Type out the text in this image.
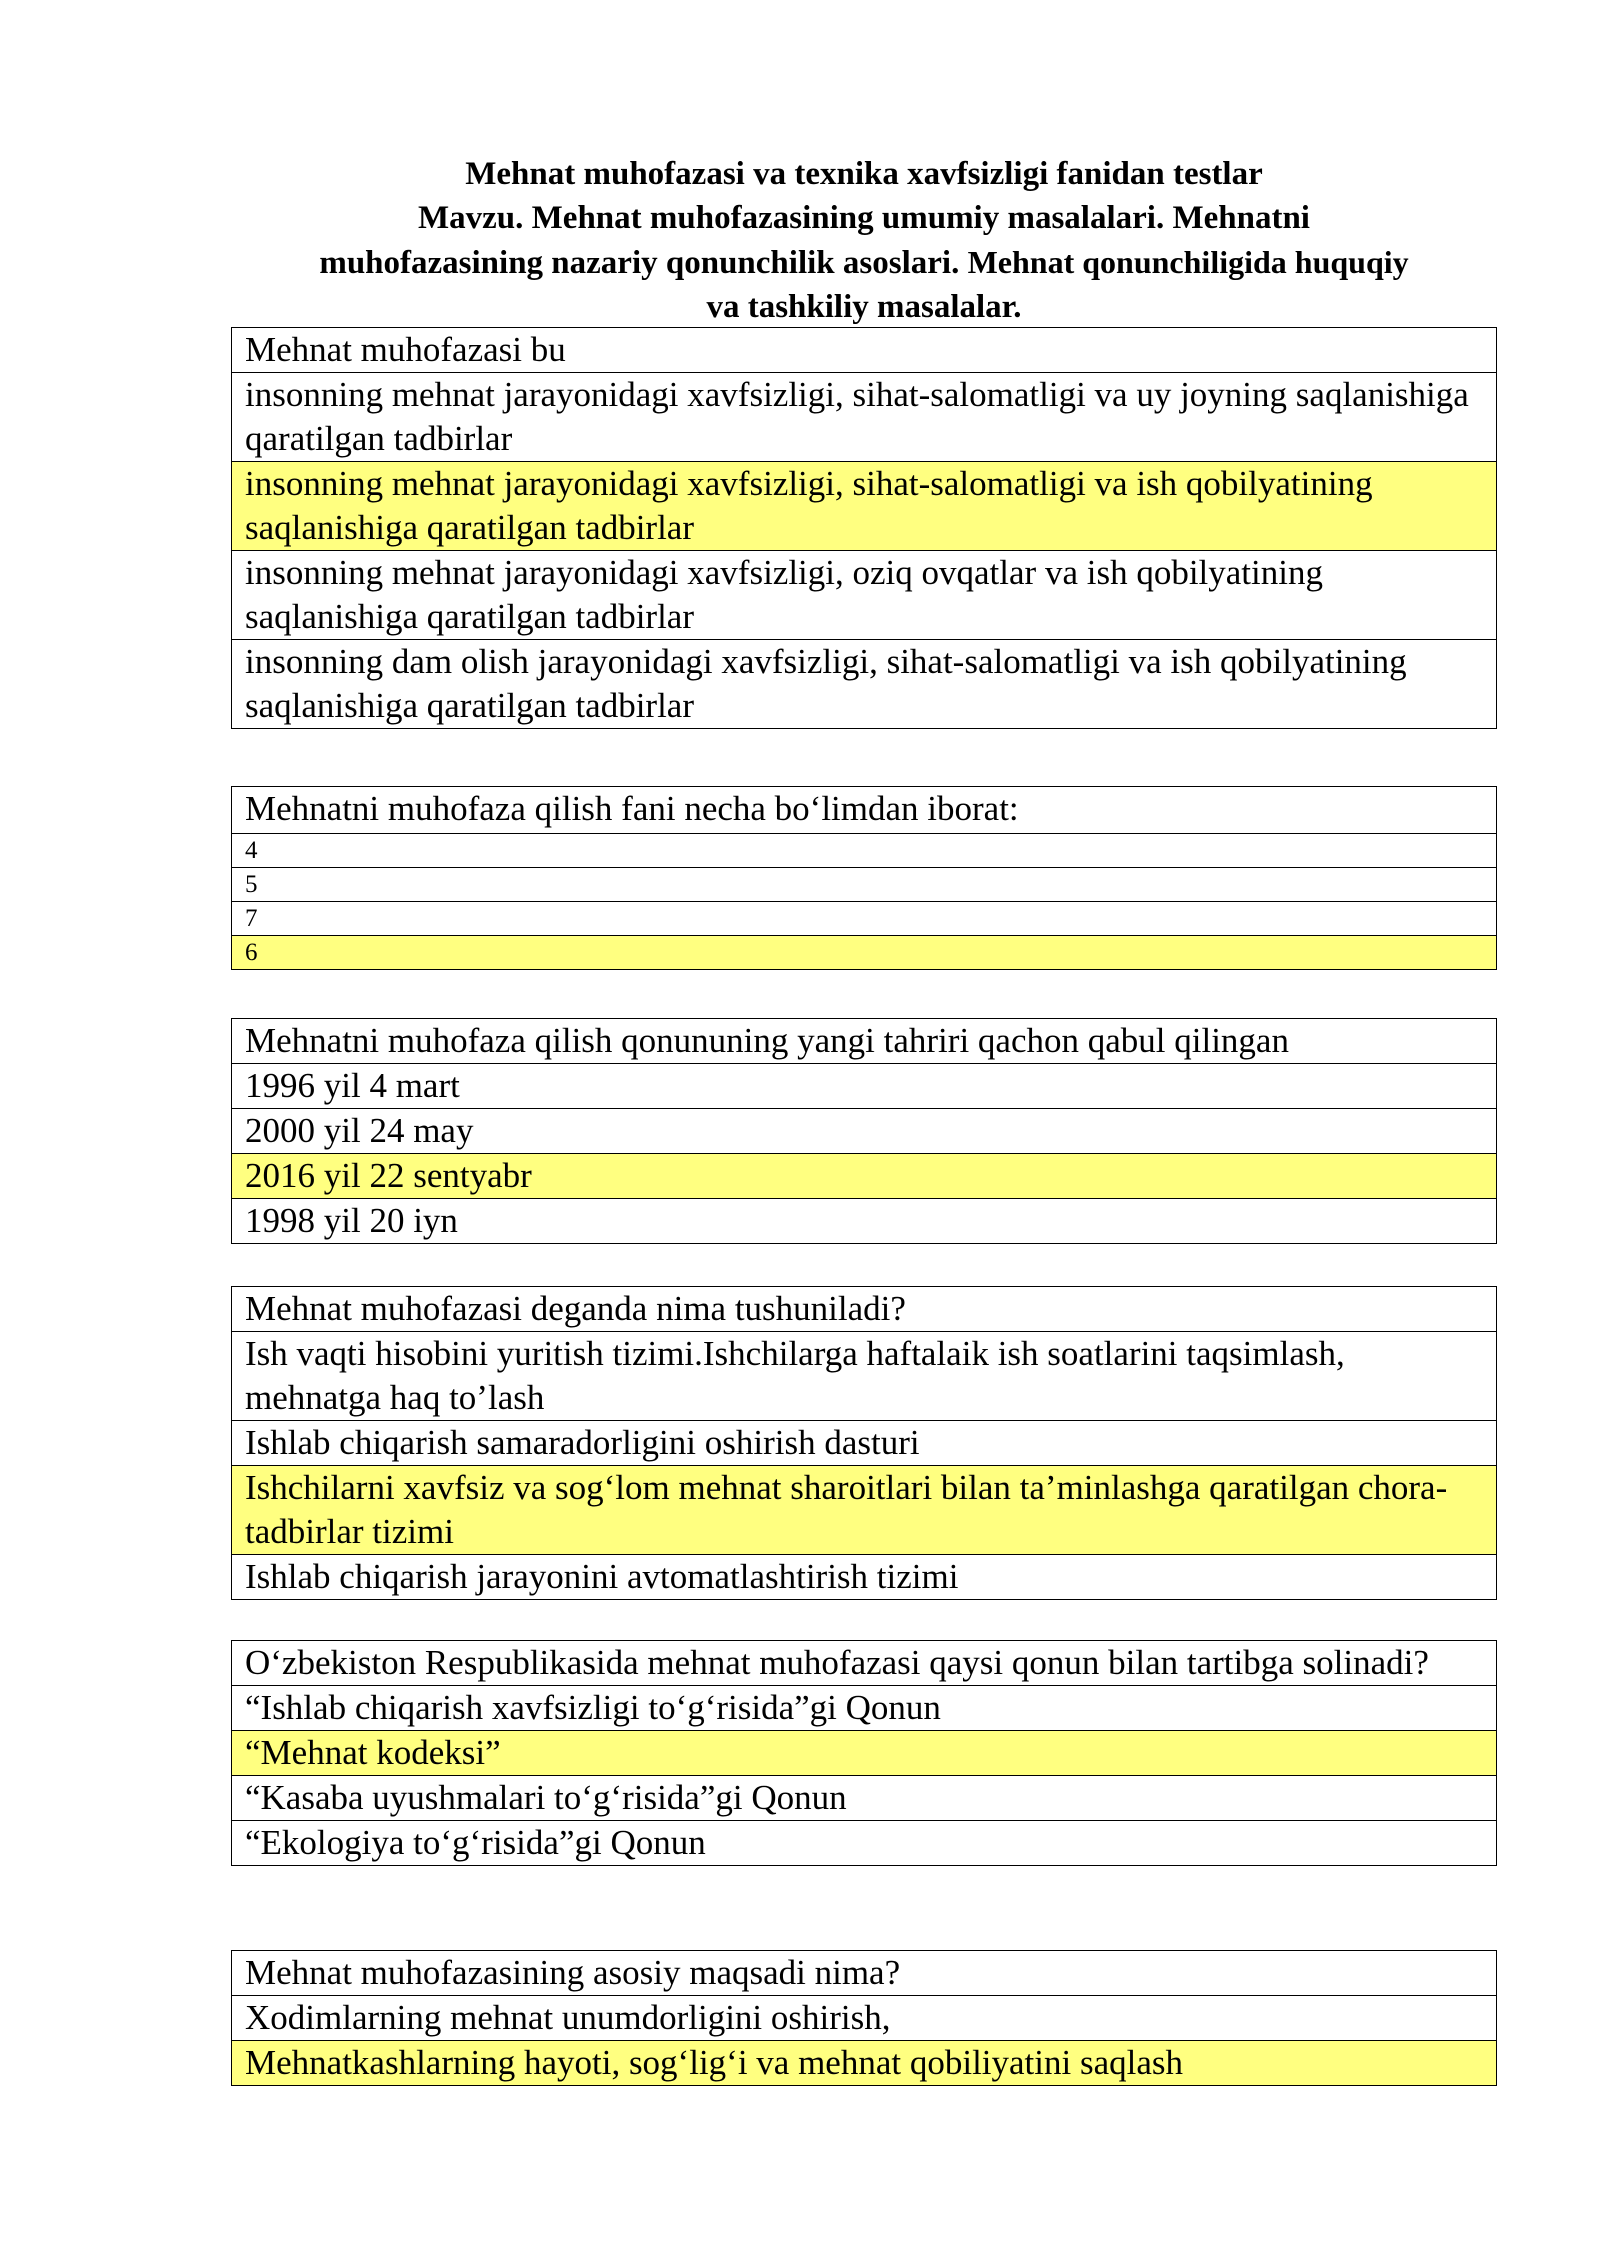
Mehnat muhofazasi va texnika xavfsizligi fanidan testlar
Mavzu. Mehnat muhofazasining umumiy masalalari. Mehnatni
muhofazasining nazariy qonunchilik asoslari. Mehnat qonunchiligida huquqiy
va tashkiliy masalalar.
Mehnat muhofazasi bu
insonning mehnat jarayonidagi xavfsizligi, sihat-salomatligi va uy joyning saqlanishiga qaratilgan tadbirlar
insonning mehnat jarayonidagi xavfsizligi, sihat-salomatligi va ish qobilyatining saqlanishiga qaratilgan tadbirlar
insonning mehnat jarayonidagi xavfsizligi, oziq ovqatlar va ish qobilyatining saqlanishiga qaratilgan tadbirlar
insonning dam olish jarayonidagi xavfsizligi, sihat-salomatligi va ish qobilyatining saqlanishiga qaratilgan tadbirlar
Mehnatni muhofaza qilish fani necha bo‘limdan iborat:
4
5
7
6
Mehnatni muhofaza qilish qonununing yangi tahriri qachon qabul qilingan
1996 yil 4 mart
2000 yil 24 may
2016 yil 22 sentyabr
1998 yil 20 iyn
Mehnat muhofazasi deganda nima tushuniladi?
Ish vaqti hisobini yuritish tizimi.Ishchilarga haftalaik ish soatlarini taqsimlash, mehnatga haq to’lash
Ishlab chiqarish samaradorligini oshirish dasturi
Ishchilarni xavfsiz va sog‘lom mehnat sharoitlari bilan ta’minlashga qaratilgan chora-tadbirlar tizimi
Ishlab chiqarish jarayonini avtomatlashtirish tizimi
O‘zbekiston Respublikasida mehnat muhofazasi qaysi qonun bilan tartibga solinadi?
“Ishlab chiqarish xavfsizligi to‘g‘risida”gi Qonun
“Mehnat kodeksi”
“Kasaba uyushmalari to‘g‘risida”gi Qonun
“Ekologiya to‘g‘risida”gi Qonun
Mehnat muhofazasining asosiy maqsadi nima?
Xodimlarning mehnat unumdorligini oshirish,
Mehnatkashlarning hayoti, sog‘lig‘i va mehnat qobiliyatini saqlash
